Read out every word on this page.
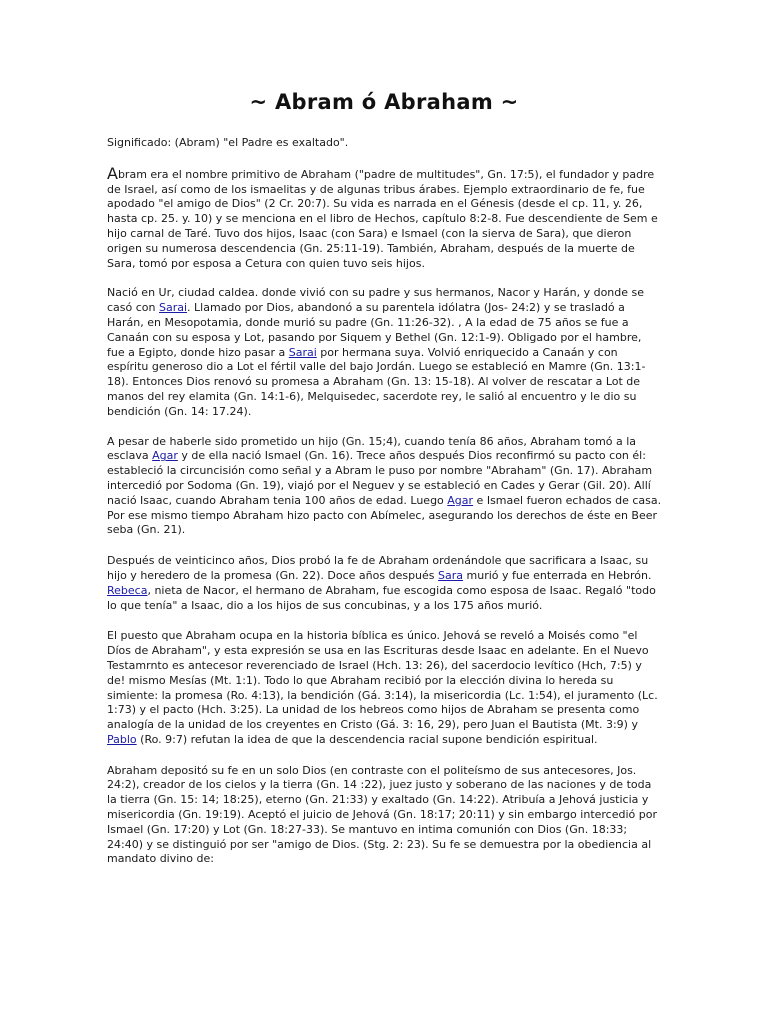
~ Abram ó Abraham ~

Significado: (Abram) "el Padre es exaltado".

Abram era el nombre primitivo de Abraham ("padre de multitudes", Gn. 17:5), el fundador y padre de Israel, así como de los ismaelitas y de algunas tribus árabes. Ejemplo extraordinario de fe, fue apodado "el amigo de Dios" (2 Cr. 20:7). Su vida es narrada en el Génesis (desde el cp. 11, y. 26, hasta cp. 25. y. 10) y se menciona en el libro de Hechos, capítulo 8:2-8. Fue descendiente de Sem e hijo carnal de Taré. Tuvo dos hijos, Isaac (con Sara) e Ismael (con la sierva de Sara), que dieron origen su numerosa descendencia (Gn. 25:11-19). También, Abraham, después de la muerte de Sara, tomó por esposa a Cetura con quien tuvo seis hijos.

Nació en Ur, ciudad caldea. donde vivió con su padre y sus hermanos, Nacor y Harán, y donde se casó con Sarai. Llamado por Dios, abandonó a su parentela idólatra (Jos- 24:2) y se trasladó a Harán, en Mesopotamia, donde murió su padre (Gn. 11:26-32). , A la edad de 75 años se fue a Canaán con su esposa y Lot, pasando por Siquem y Bethel (Gn. 12:1-9). Obligado por el hambre, fue a Egipto, donde hizo pasar a Sarai por hermana suya. Volvió enriquecido a Canaán y con espíritu generoso dio a Lot el fértil valle del bajo Jordán. Luego se estableció en Mamre (Gn. 13:1-18). Entonces Dios renovó su promesa a Abraham (Gn. 13: 15-18). Al volver de rescatar a Lot de manos del rey elamita (Gn. 14:1-6), Melquisedec, sacerdote rey, le salió al encuentro y le dio su bendición (Gn. 14: 17.24).

A pesar de haberle sido prometido un hijo (Gn. 15;4), cuando tenía 86 años, Abraham tomó a la esclava Agar y de ella nació Ismael (Gn. 16). Trece años después Dios reconfirmó su pacto con él: estableció la circuncisión como señal y a Abram le puso por nombre "Abraham" (Gn. 17). Abraham intercedió por Sodoma (Gn. 19), viajó por el Neguev y se estableció en Cades y Gerar (Gil. 20). Allí nació Isaac, cuando Abraham tenia 100 años de edad. Luego Agar e Ismael fueron echados de casa. Por ese mismo tiempo Abraham hizo pacto con Abímelec, asegurando los derechos de éste en Beer seba (Gn. 21).

Después de veinticinco años, Dios probó la fe de Abraham ordenándole que sacrificara a Isaac, su hijo y heredero de la promesa (Gn. 22). Doce años después Sara murió y fue enterrada en Hebrón. Rebeca, nieta de Nacor, el hermano de Abraham, fue escogida como esposa de Isaac. Regaló "todo lo que tenía" a Isaac, dio a los hijos de sus concubinas, y a los 175 años murió.

El puesto que Abraham ocupa en la historia bíblica es único. Jehová se reveló a Moisés como "el Díos de Abraham", y esta expresión se usa en las Escrituras desde Isaac en adelante. En el Nuevo Testamrnto es antecesor reverenciado de Israel (Hch. 13: 26), del sacerdocio levítico (Hch, 7:5) y de! mismo Mesías (Mt. 1:1). Todo lo que Abraham recibió por la elección divina lo hereda su simiente: la promesa (Ro. 4:13), la bendición (Gá. 3:14), la misericordia (Lc. 1:54), el juramento (Lc. 1:73) y el pacto (Hch. 3:25). La unidad de los hebreos como hijos de Abraham se presenta como analogía de la unidad de los creyentes en Cristo (Gá. 3: 16, 29), pero Juan el Bautista (Mt. 3:9) y Pablo (Ro. 9:7) refutan la idea de que la descendencia racial supone bendición espiritual.

Abraham depositó su fe en un solo Dios (en contraste con el politeísmo de sus antecesores, Jos. 24:2), creador de los cielos y la tierra (Gn. 14 :22), juez justo y soberano de las naciones y de toda la tierra (Gn. 15: 14; 18:25), eterno (Gn. 21:33) y exaltado (Gn. 14:22). Atribuía a Jehová justicia y misericordia (Gn. 19:19). Aceptó el juicio de Jehová (Gn. 18:17; 20:11) y sin embargo intercedió por Ismael (Gn. 17:20) y Lot (Gn. 18:27-33). Se mantuvo en intima comunión con Dios (Gn. 18:33; 24:40) y se distinguió por ser "amigo de Dios. (Stg. 2: 23). Su fe se demuestra por la obediencia al mandato divino de:
